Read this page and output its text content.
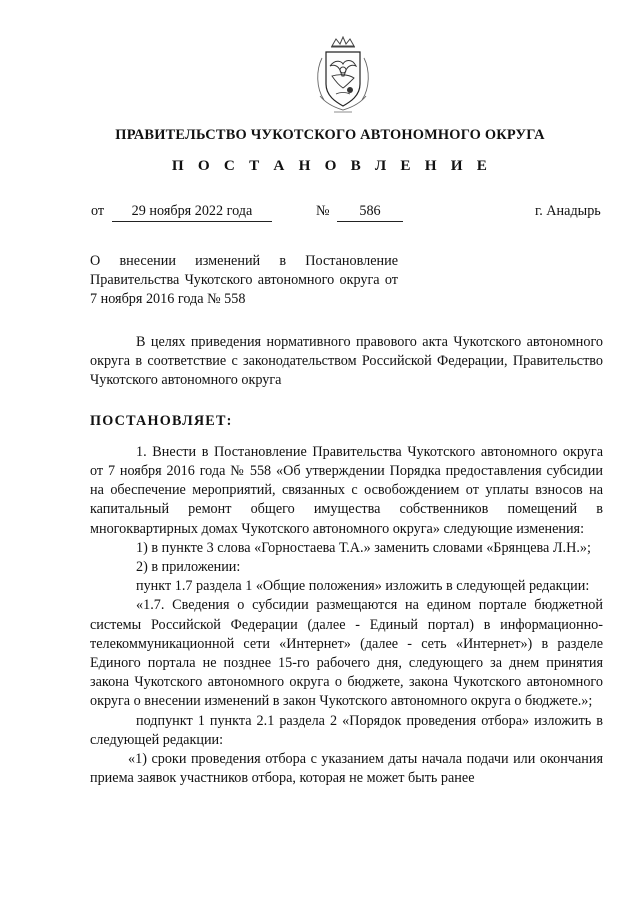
ПРАВИТЕЛЬСТВО ЧУКОТСКОГО АВТОНОМНОГО ОКРУГА
П О С Т А Н О В Л Е Н И Е
от	29 ноября 2022 года	№	586	г. Анадырь

О внесении изменений в Постановление Правительства Чукотского автономного округа от 7 ноября 2016 года № 558

В целях приведения нормативного правового акта Чукотского автономного округа в соответствие с законодательством Российской Федерации, Правительство Чукотского автономного округа

ПОСТАНОВЛЯЕТ:

1. Внести в Постановление Правительства Чукотского автономного округа от 7 ноября 2016 года № 558 «Об утверждении Порядка предоставления субсидии на обеспечение мероприятий, связанных с освобождением от уплаты взносов на капитальный ремонт общего имущества собственников помещений в многоквартирных домах Чукотского автономного округа» следующие изменения:

1) в пункте 3 слова «Горностаева Т.А.» заменить словами «Брянцева Л.Н.»;

2) в приложении:

пункт 1.7 раздела 1 «Общие положения» изложить в следующей редакции:

«1.7. Сведения о субсидии размещаются на едином портале бюджетной системы Российской Федерации (далее - Единый портал) в информационно-телекоммуникационной сети «Интернет» (далее - сеть «Интернет») в разделе Единого портала не позднее 15-го рабочего дня, следующего за днем принятия закона Чукотского автономного округа о бюджете, закона Чукотского автономного округа о внесении изменений в закон Чукотского автономного округа о бюджете.»;

подпункт 1 пункта 2.1 раздела 2 «Порядок проведения отбора» изложить в следующей редакции:

«1) сроки проведения отбора с указанием даты начала подачи или окончания приема заявок участников отбора, которая не может быть ранее
